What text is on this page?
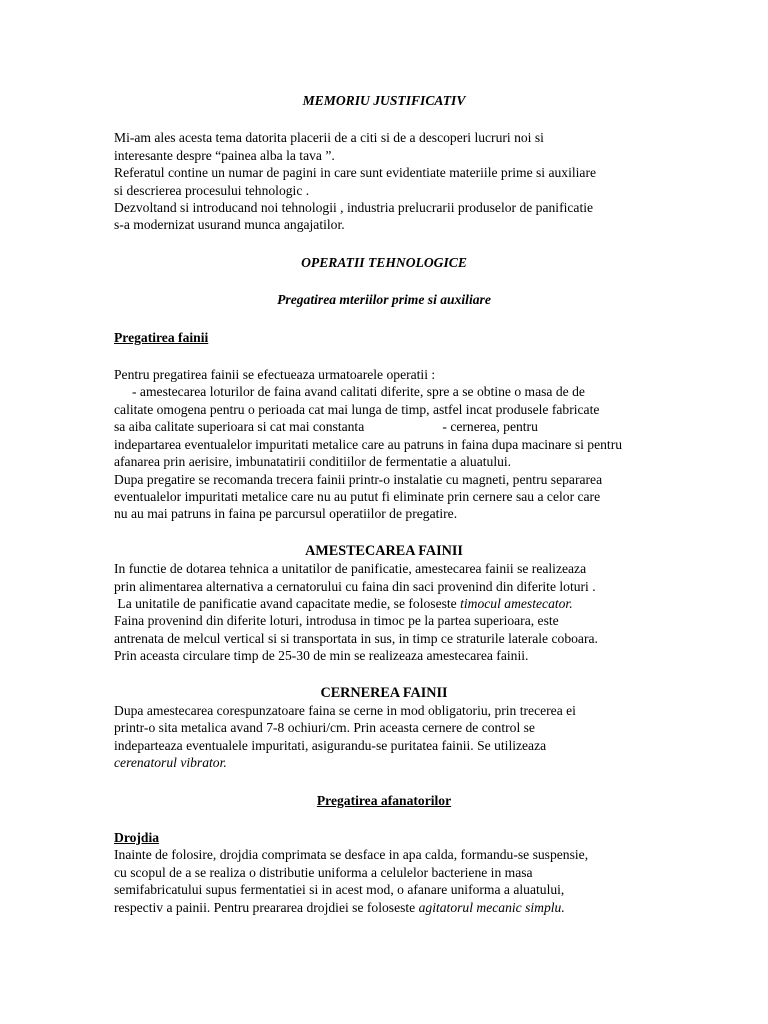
MEMORIU JUSTIFICATIV

Mi-am ales acesta tema datorita placerii de a citi si de a descoperi lucruri noi si
interesante despre “painea alba la tava ”.
Referatul contine un numar de pagini in care sunt evidentiate materiile prime si auxiliare
si descrierea procesului tehnologic .
Dezvoltand si introducand noi tehnologii , industria prelucrarii produselor de panificatie
s-a modernizat usurand munca angajatilor.

OPERATII TEHNOLOGICE

Pregatirea mteriilor prime si auxiliare

Pregatirea fainii

Pentru pregatirea fainii se efectueaza urmatoarele operatii :
- amestecarea loturilor de faina avand calitati diferite, spre a se obtine o masa de de
calitate omogena pentru o perioada cat mai lunga de timp, astfel incat produsele fabricate
sa aiba calitate superioara si cat mai constanta                       - cernerea, pentru
indepartarea eventualelor impuritati metalice care au patruns in faina dupa macinare si pentru
afanarea prin aerisire, imbunatatirii conditiilor de fermentatie a aluatului.
Dupa pregatire se recomanda trecera fainii printr-o instalatie cu magneti, pentru separarea
eventualelor impuritati metalice care nu au putut fi eliminate prin cernere sau a celor care
nu au mai patruns in faina pe parcursul operatiilor de pregatire.

AMESTECAREA FAINII

In functie de dotarea tehnica a unitatilor de panificatie, amestecarea fainii se realizeaza
prin alimentarea alternativa a cernatorului cu faina din saci provenind din diferite loturi .
La unitatile de panificatie avand capacitate medie, se foloseste timocul amestecator.
Faina provenind din diferite loturi, introdusa in timoc pe la partea superioara, este
antrenata de melcul vertical si si transportata in sus, in timp ce straturile laterale coboara.
Prin aceasta circulare timp de 25-30 de min se realizeaza amestecarea fainii.

CERNEREA FAINII

Dupa amestecarea corespunzatoare faina se cerne in mod obligatoriu, prin trecerea ei
printr-o sita metalica avand 7-8 ochiuri/cm. Prin aceasta cernere de control se
indeparteaza eventualele impuritati, asigurandu-se puritatea fainii. Se utilizeaza
cerenatorul vibrator.

Pregatirea afanatorilor

Drojdia

Inainte de folosire, drojdia comprimata se desface in apa calda, formandu-se suspensie,
cu scopul de a se realiza o distributie uniforma a celulelor bacteriene in masa
semifabricatului supus fermentatiei si in acest mod, o afanare uniforma a aluatului,
respectiv a painii. Pentru preararea drojdiei se foloseste agitatorul mecanic simplu.
